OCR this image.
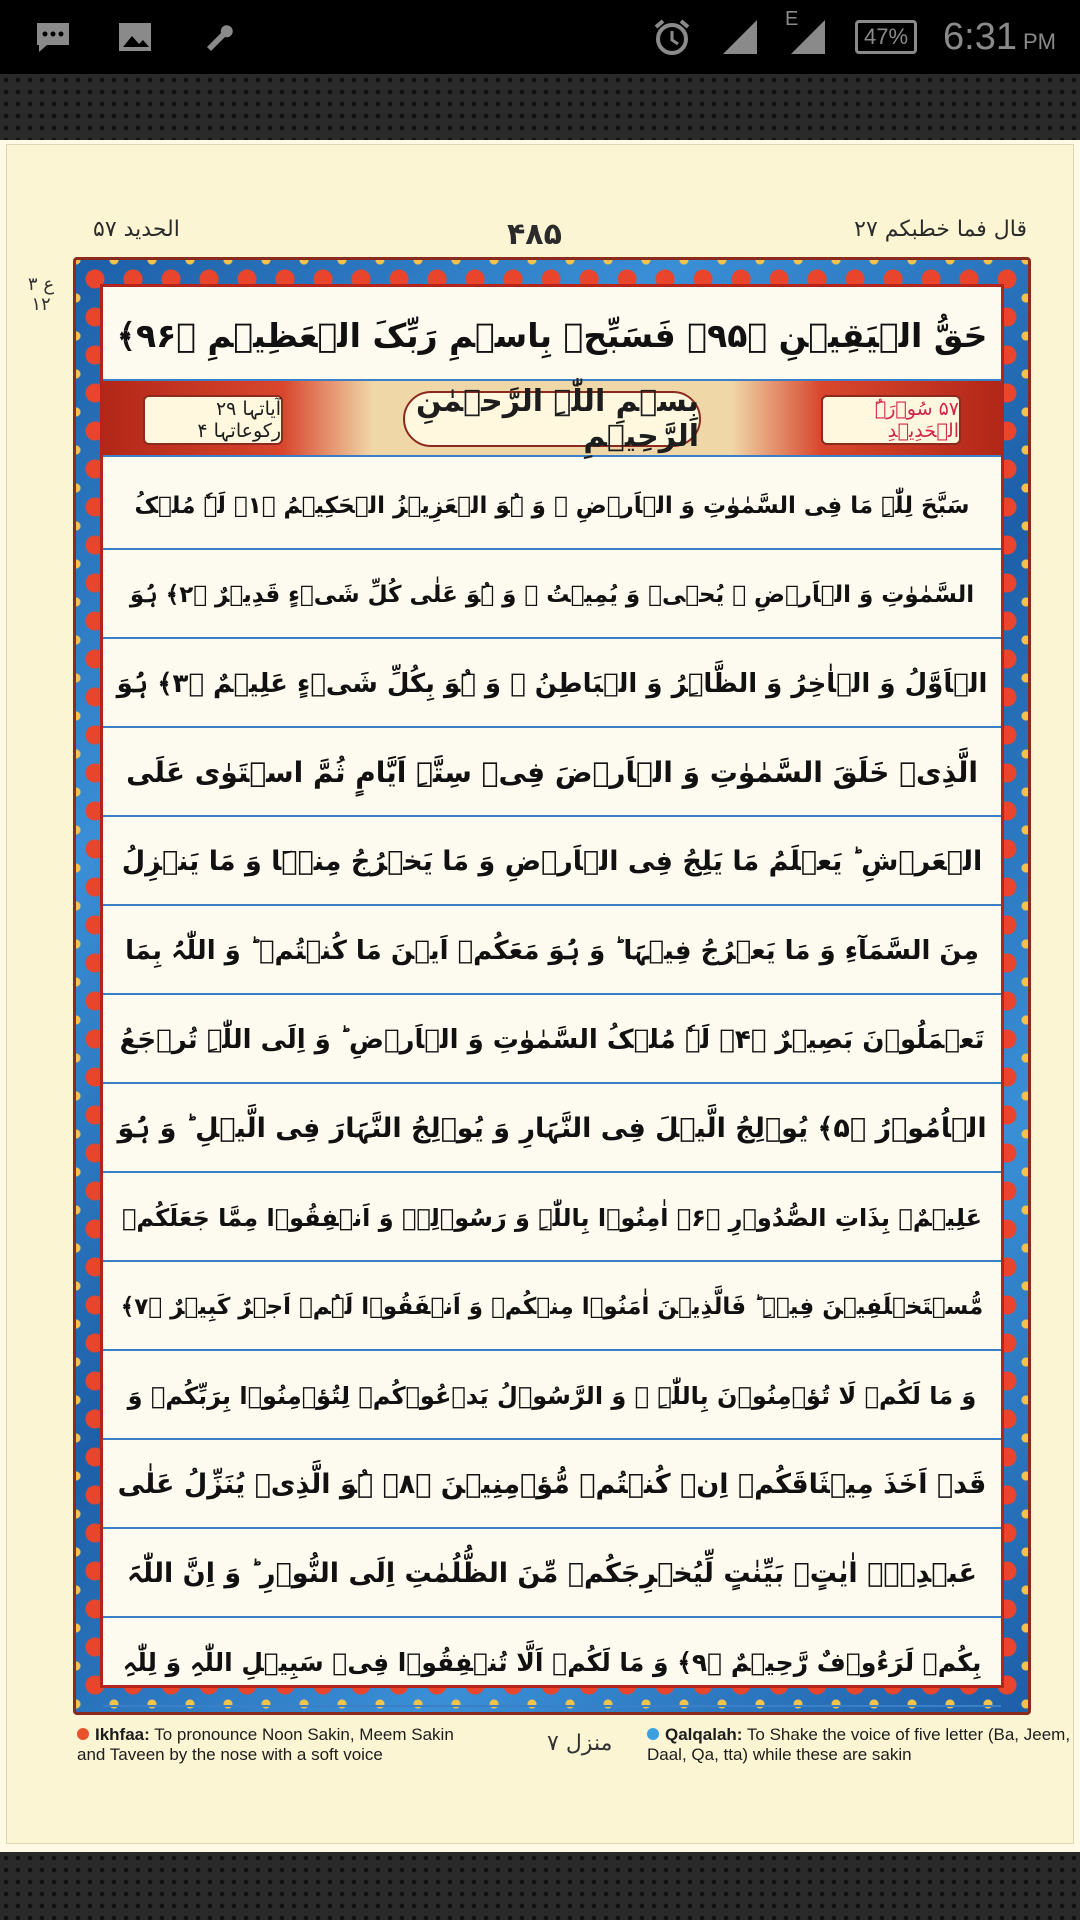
E
47% 6:31 PM
الحدید ۵۷	۴۸۵	قال فما خطبکم ۲۷
ع ۳ ۱۲
حَقُّ الۡیَقِیۡنِ ﴿۹۵﴾ فَسَبِّحۡ بِاسۡمِ رَبِّکَ الۡعَظِیۡمِ ﴿۹۶﴾
آیاتہا ۲۹ رکوعاتہا ۴
بِسۡمِ اللّٰہِ الرَّحۡمٰنِ الرَّحِیۡمِ
۵۷ سُوۡرَۃُ الۡحَدِیۡدِ
سَبَّحَ لِلّٰہِ مَا فِی السَّمٰوٰتِ وَ الۡاَرۡضِ ۚ وَ ہُوَ الۡعَزِیۡزُ الۡحَکِیۡمُ ﴿۱﴾ لَہٗ مُلۡکُ
السَّمٰوٰتِ وَ الۡاَرۡضِ ۚ یُحۡیٖ وَ یُمِیۡتُ ۚ وَ ہُوَ عَلٰی کُلِّ شَیۡءٍ قَدِیۡرٌ ﴿۲﴾ ہُوَ
الۡاَوَّلُ وَ الۡاٰخِرُ وَ الظَّاہِرُ وَ الۡبَاطِنُ ۚ وَ ہُوَ بِکُلِّ شَیۡءٍ عَلِیۡمٌ ﴿۳﴾ ہُوَ
الَّذِیۡ خَلَقَ السَّمٰوٰتِ وَ الۡاَرۡضَ فِیۡ سِتَّۃِ اَیَّامٍ ثُمَّ اسۡتَوٰی عَلَی
الۡعَرۡشِ ؕ یَعۡلَمُ مَا یَلِجُ فِی الۡاَرۡضِ وَ مَا یَخۡرُجُ مِنۡہَا وَ مَا یَنۡزِلُ
مِنَ السَّمَآءِ وَ مَا یَعۡرُجُ فِیۡہَا ؕ وَ ہُوَ مَعَکُمۡ اَیۡنَ مَا کُنۡتُمۡ ؕ وَ اللّٰہُ بِمَا
تَعۡمَلُوۡنَ بَصِیۡرٌ ﴿۴﴾ لَہٗ مُلۡکُ السَّمٰوٰتِ وَ الۡاَرۡضِ ؕ وَ اِلَی اللّٰہِ تُرۡجَعُ
الۡاُمُوۡرُ ﴿۵﴾ یُوۡلِجُ الَّیۡلَ فِی النَّہَارِ وَ یُوۡلِجُ النَّہَارَ فِی الَّیۡلِ ؕ وَ ہُوَ
عَلِیۡمٌۢ بِذَاتِ الصُّدُوۡرِ ﴿۶﴾ اٰمِنُوۡا بِاللّٰہِ وَ رَسُوۡلِہٖ وَ اَنۡفِقُوۡا مِمَّا جَعَلَکُمۡ
مُّسۡتَخۡلَفِیۡنَ فِیۡہِ ؕ فَالَّذِیۡنَ اٰمَنُوۡا مِنۡکُمۡ وَ اَنۡفَقُوۡا لَہُمۡ اَجۡرٌ کَبِیۡرٌ ﴿۷﴾
وَ مَا لَکُمۡ لَا تُؤۡمِنُوۡنَ بِاللّٰہِ ۚ وَ الرَّسُوۡلُ یَدۡعُوۡکُمۡ لِتُؤۡمِنُوۡا بِرَبِّکُمۡ وَ
قَدۡ اَخَذَ مِیۡثَاقَکُمۡ اِنۡ کُنۡتُمۡ مُّؤۡمِنِیۡنَ ﴿۸﴾ ہُوَ الَّذِیۡ یُنَزِّلُ عَلٰی
عَبۡدِہٖۤ اٰیٰتٍۭ بَیِّنٰتٍ لِّیُخۡرِجَکُمۡ مِّنَ الظُّلُمٰتِ اِلَی النُّوۡرِ ؕ وَ اِنَّ اللّٰہَ
بِکُمۡ لَرَءُوۡفٌ رَّحِیۡمٌ ﴿۹﴾ وَ مَا لَکُمۡ اَلَّا تُنۡفِقُوۡا فِیۡ سَبِیۡلِ اللّٰہِ وَ لِلّٰہِ
Ikhfaa: To pronounce Noon Sakin, Meem Sakin and Taveen by the nose with a soft voice	منزل ۷	Qalqalah: To Shake the voice of five letter (Ba, Jeem, Daal, Qa, tta) while these are sakin
